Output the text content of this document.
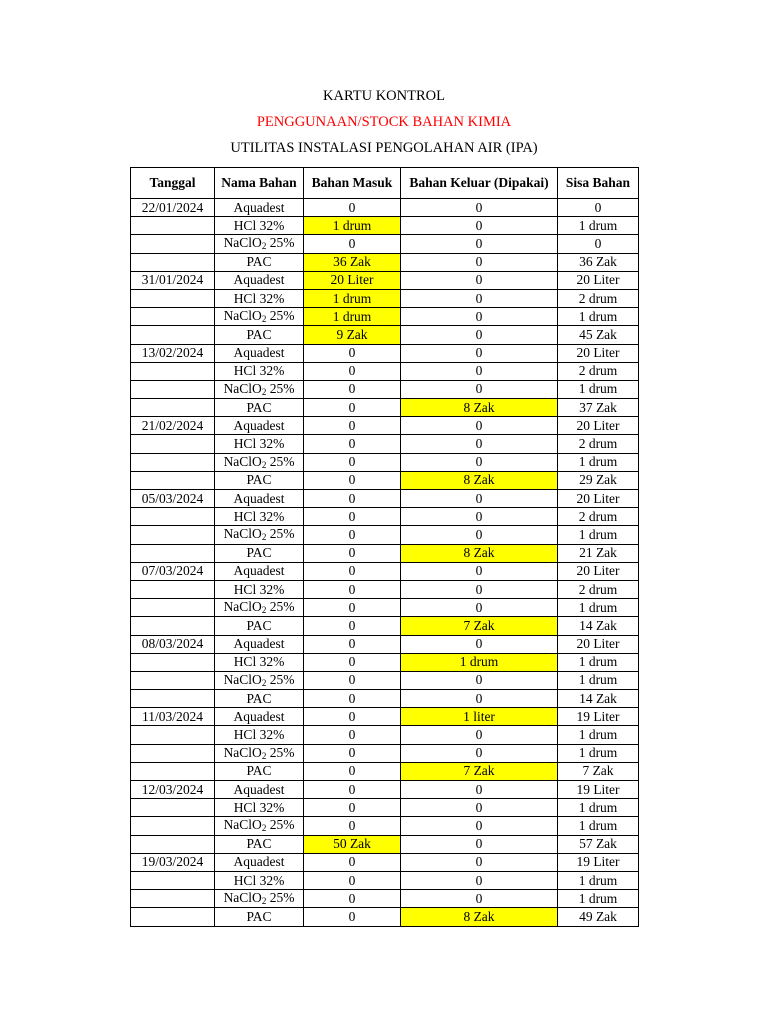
KARTU KONTROL
PENGGUNAAN/STOCK BAHAN KIMIA
UTILITAS INSTALASI PENGOLAHAN AIR (IPA)
Tanggal	Nama Bahan	Bahan Masuk	Bahan Keluar (Dipakai)	Sisa Bahan
22/01/2024	Aquadest	0	0	0
	HCl 32%	1 drum	0	1 drum
	NaClO$_2$ 25%	0	0	0
	PAC	36 Zak	0	36 Zak
31/01/2024	Aquadest	20 Liter	0	20 Liter
	HCl 32%	1 drum	0	2 drum
	NaClO$_2$ 25%	1 drum	0	1 drum
	PAC	9 Zak	0	45 Zak
13/02/2024	Aquadest	0	0	20 Liter
	HCl 32%	0	0	2 drum
	NaClO$_2$ 25%	0	0	1 drum
	PAC	0	8 Zak	37 Zak
21/02/2024	Aquadest	0	0	20 Liter
	HCl 32%	0	0	2 drum
	NaClO$_2$ 25%	0	0	1 drum
	PAC	0	8 Zak	29 Zak
05/03/2024	Aquadest	0	0	20 Liter
	HCl 32%	0	0	2 drum
	NaClO$_2$ 25%	0	0	1 drum
	PAC	0	8 Zak	21 Zak
07/03/2024	Aquadest	0	0	20 Liter
	HCl 32%	0	0	2 drum
	NaClO$_2$ 25%	0	0	1 drum
	PAC	0	7 Zak	14 Zak
08/03/2024	Aquadest	0	0	20 Liter
	HCl 32%	0	1 drum	1 drum
	NaClO$_2$ 25%	0	0	1 drum
	PAC	0	0	14 Zak
11/03/2024	Aquadest	0	1 liter	19 Liter
	HCl 32%	0	0	1 drum
	NaClO$_2$ 25%	0	0	1 drum
	PAC	0	7 Zak	7 Zak
12/03/2024	Aquadest	0	0	19 Liter
	HCl 32%	0	0	1 drum
	NaClO$_2$ 25%	0	0	1 drum
	PAC	50 Zak	0	57 Zak
19/03/2024	Aquadest	0	0	19 Liter
	HCl 32%	0	0	1 drum
	NaClO$_2$ 25%	0	0	1 drum
	PAC	0	8 Zak	49 Zak
